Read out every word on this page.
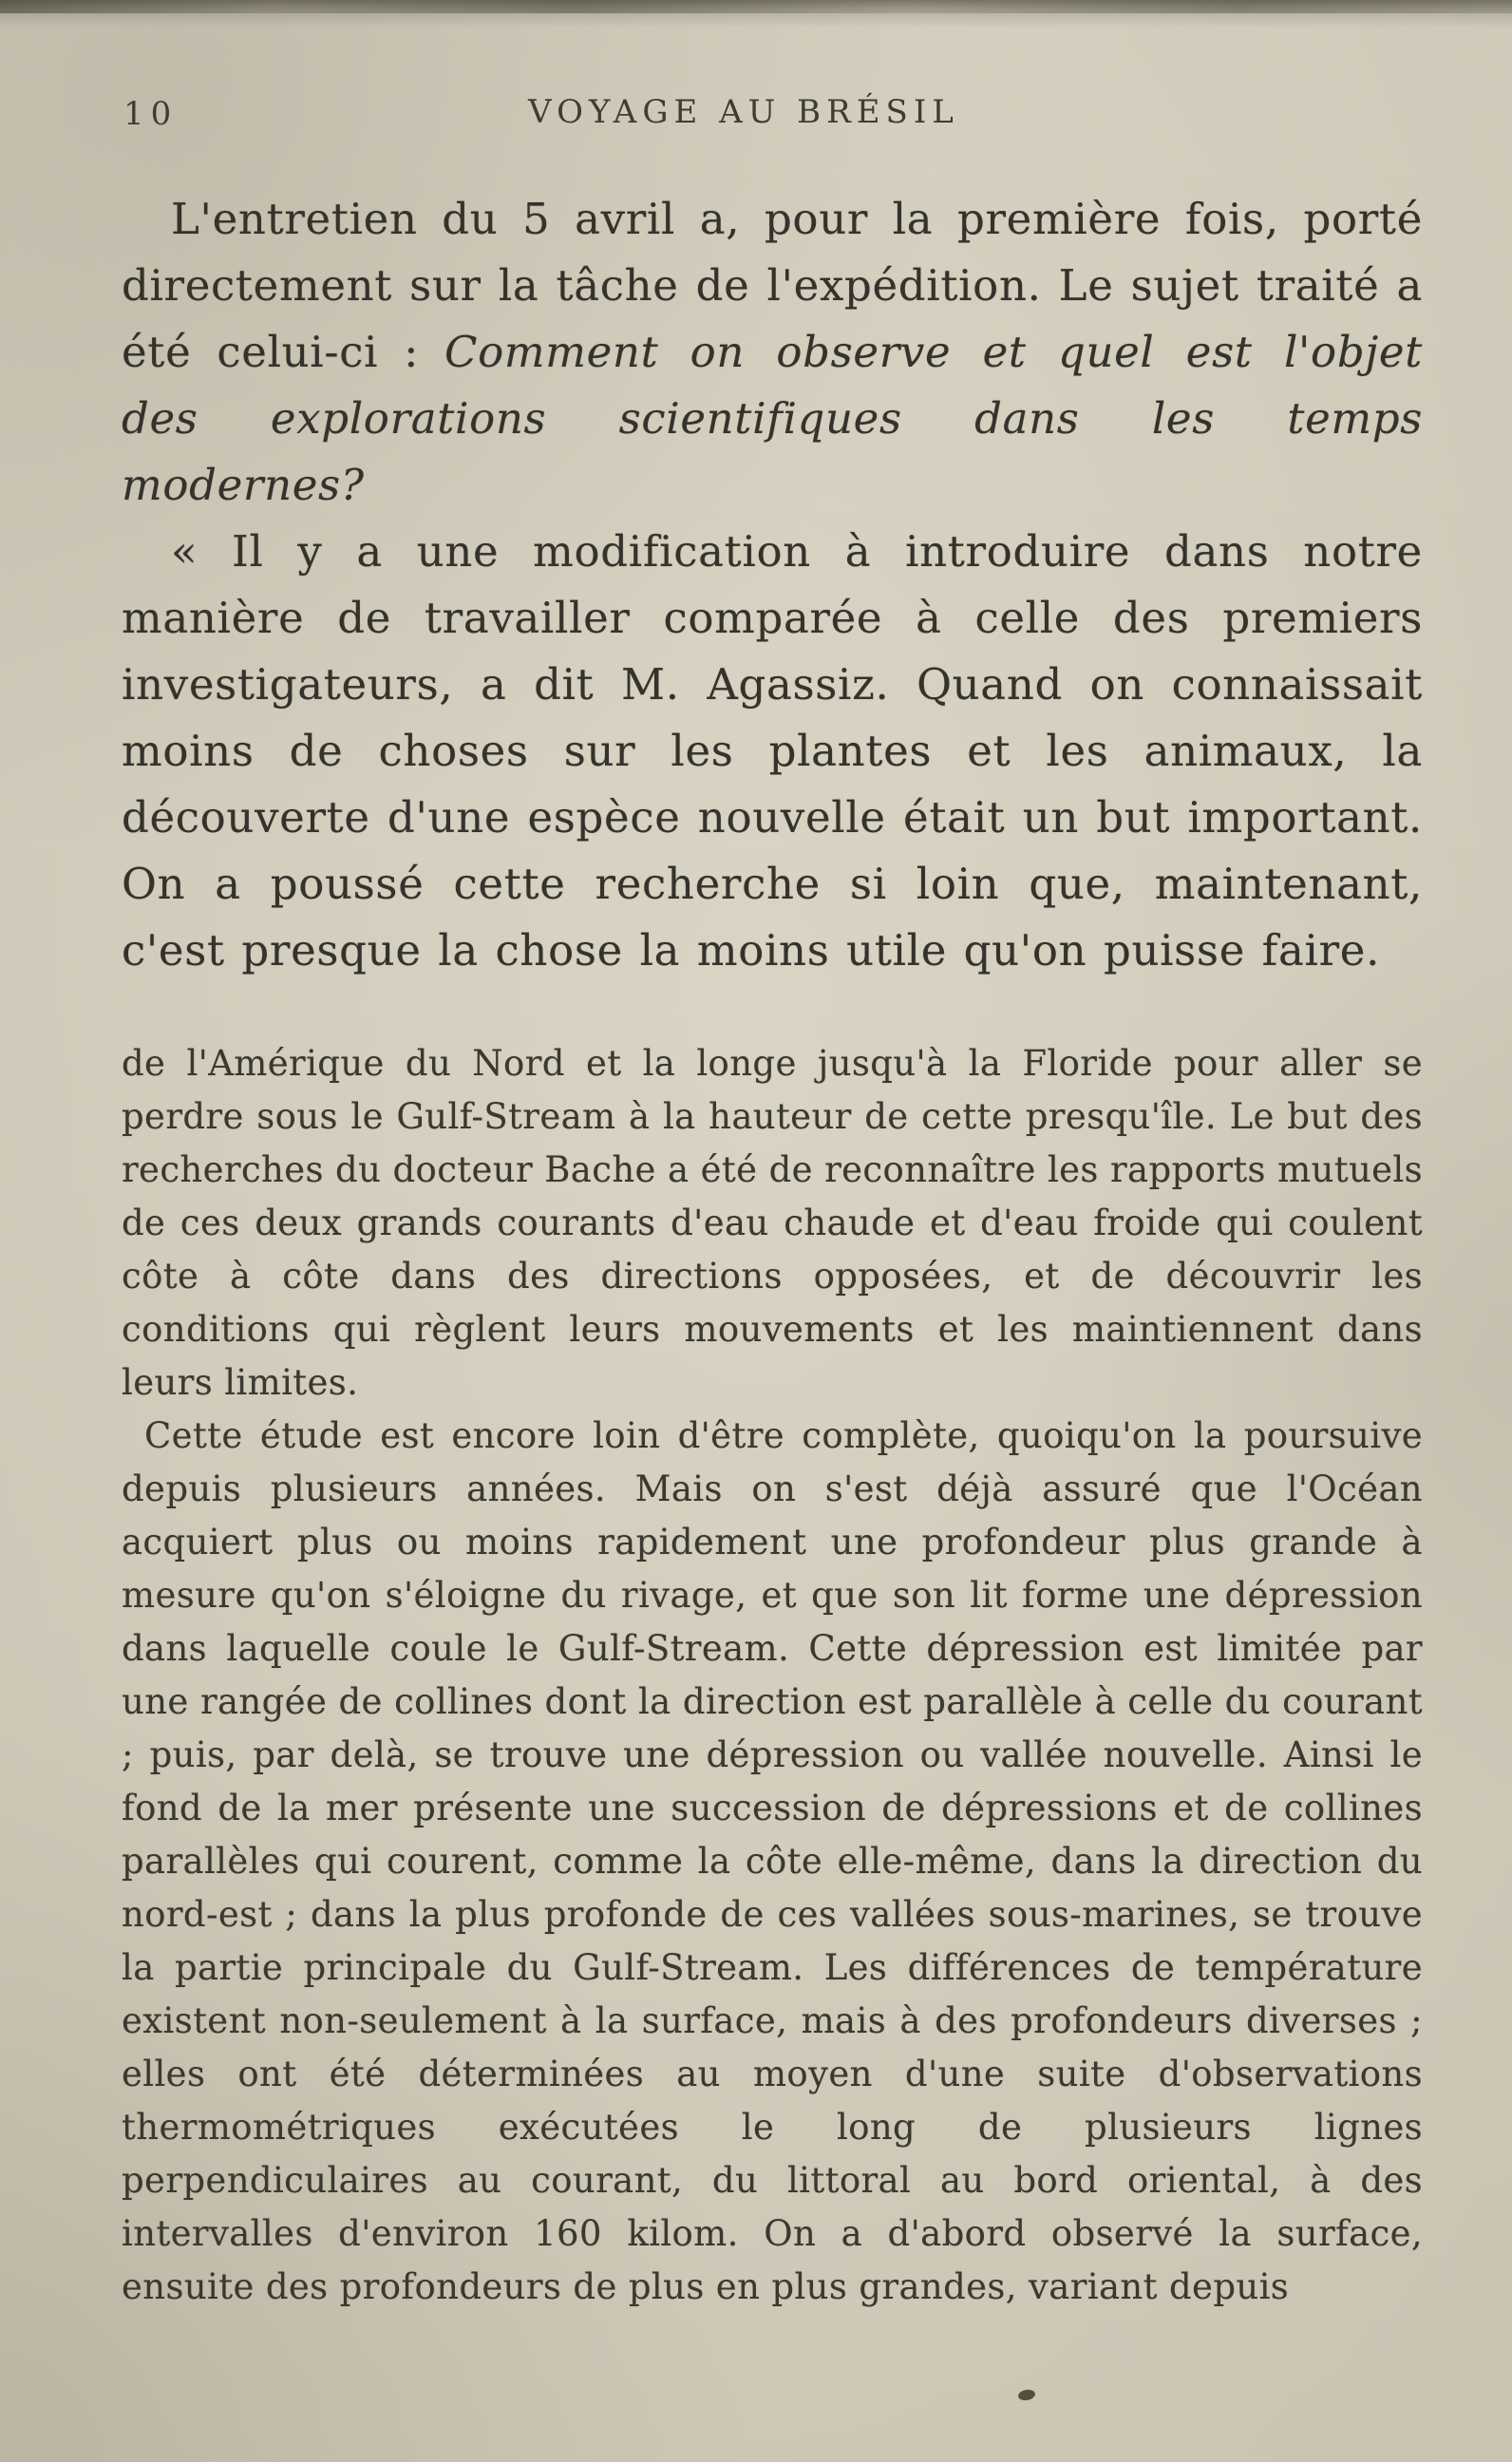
10	VOYAGE AU BRÉSIL

L'entretien du 5 avril a, pour la première fois, porté directement sur la tâche de l'expédition. Le sujet traité a été celui-ci : Comment on observe et quel est l'objet des explorations scientifiques dans les temps modernes?

« Il y a une modification à introduire dans notre manière de travailler comparée à celle des premiers investigateurs, a dit M. Agassiz. Quand on connaissait moins de choses sur les plantes et les animaux, la découverte d'une espèce nouvelle était un but important. On a poussé cette recherche si loin que, maintenant, c'est presque la chose la moins utile qu'on puisse faire.

de l'Amérique du Nord et la longe jusqu'à la Floride pour aller se perdre sous le Gulf-Stream à la hauteur de cette presqu'île. Le but des recherches du docteur Bache a été de reconnaître les rapports mutuels de ces deux grands courants d'eau chaude et d'eau froide qui coulent côte à côte dans des directions opposées, et de découvrir les conditions qui règlent leurs mouvements et les maintiennent dans leurs limites.

Cette étude est encore loin d'être complète, quoiqu'on la poursuive depuis plusieurs années. Mais on s'est déjà assuré que l'Océan acquiert plus ou moins rapidement une profondeur plus grande à mesure qu'on s'éloigne du rivage, et que son lit forme une dépression dans laquelle coule le Gulf-Stream. Cette dépression est limitée par une rangée de collines dont la direction est parallèle à celle du courant ; puis, par delà, se trouve une dépression ou vallée nouvelle. Ainsi le fond de la mer présente une succession de dépressions et de collines parallèles qui courent, comme la côte elle-même, dans la direction du nord-est ; dans la plus profonde de ces vallées sous-marines, se trouve la partie principale du Gulf-Stream. Les différences de température existent non-seulement à la surface, mais à des profondeurs diverses ; elles ont été déterminées au moyen d'une suite d'observations thermométriques exécutées le long de plusieurs lignes perpendiculaires au courant, du littoral au bord oriental, à des intervalles d'environ 160 kilom. On a d'abord observé la surface, ensuite des profondeurs de plus en plus grandes, variant depuis
